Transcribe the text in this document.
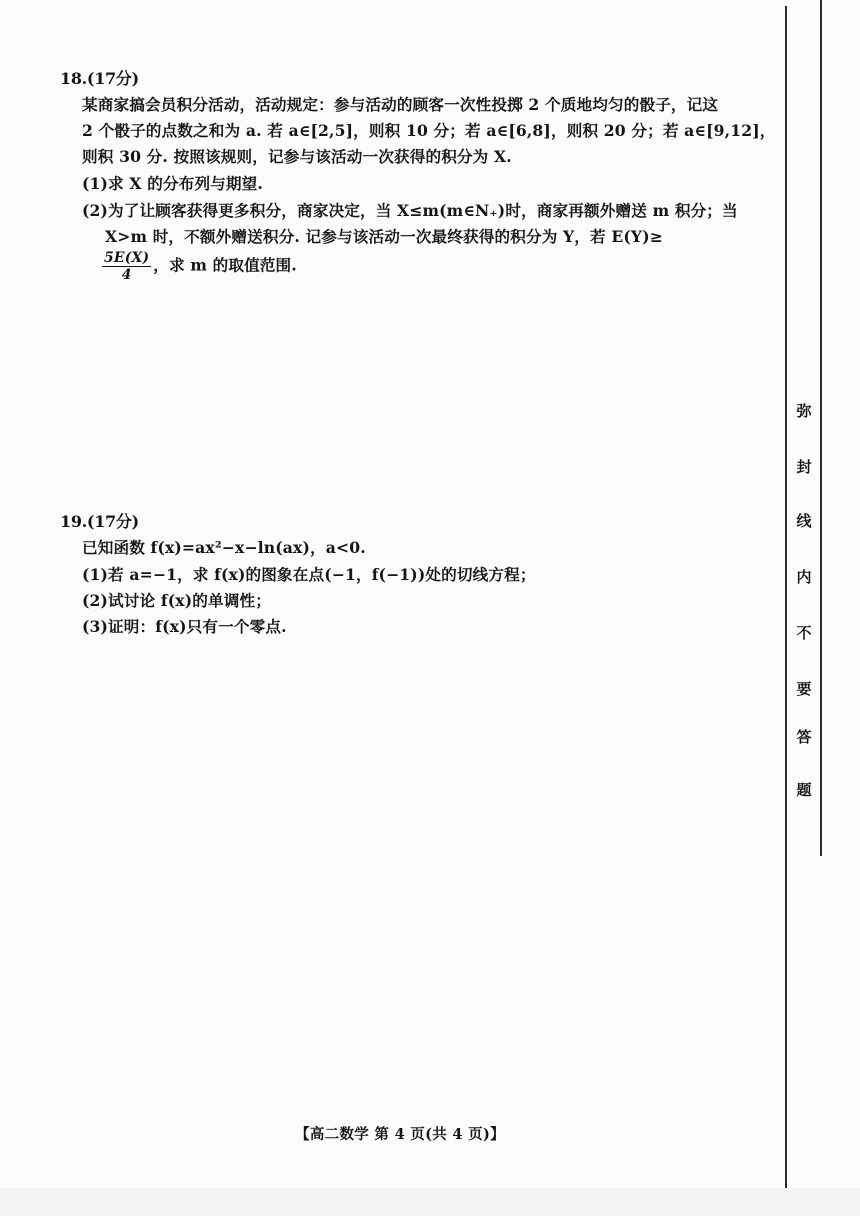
18.(17分)
某商家搞会员积分活动，活动规定：参与活动的顾客一次性投掷 2 个质地均匀的骰子，记这
2 个骰子的点数之和为 a. 若 a∈[2,5]，则积 10 分；若 a∈[6,8]，则积 20 分；若 a∈[9,12]，
则积 30 分. 按照该规则，记参与该活动一次获得的积分为 X.
(1)求 X 的分布列与期望.
(2)为了让顾客获得更多积分，商家决定，当 X≤m(m∈N₊)时，商家再额外赠送 m 积分；当
X>m 时，不额外赠送积分. 记参与该活动一次最终获得的积分为 Y，若 E(Y)≥
$\frac{5E(X)}{4}$ ，求 m 的取值范围.
19.(17分)
已知函数 f(x)=ax²−x−ln(ax)，a<0.
(1)若 a=−1，求 f(x)的图象在点(−1，f(−1))处的切线方程；
(2)试讨论 f(x)的单调性；
(3)证明：f(x)只有一个零点.
弥
封
线
内
不
要
答
题
【高二数学 第 4 页(共 4 页)】
